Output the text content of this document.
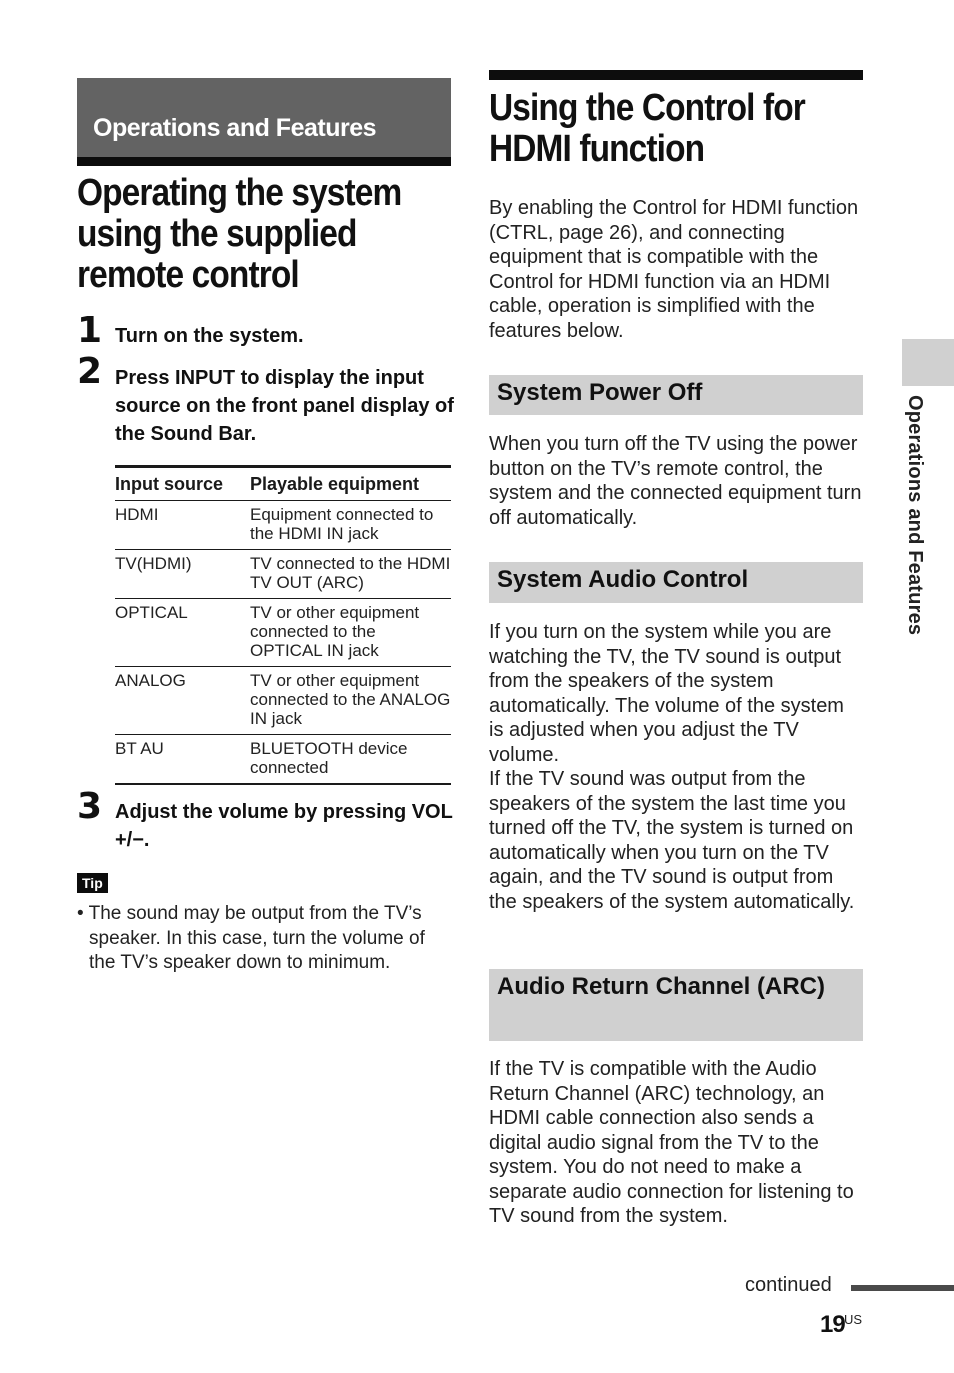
Operations and Features
Operating the system using the supplied remote control
1 Turn on the system.
2 Press INPUT to display the input source on the front panel display of the Sound Bar.
Input source	Playable equipment
HDMI	Equipment connected to the HDMI IN jack
TV(HDMI)	TV connected to the HDMI TV OUT (ARC)
OPTICAL	TV or other equipment connected to the OPTICAL IN jack
ANALOG	TV or other equipment connected to the ANALOG IN jack
BT AU	BLUETOOTH device connected
3 Adjust the volume by pressing VOL +/−.
Tip
• The sound may be output from the TV’s speaker. In this case, turn the volume of the TV’s speaker down to minimum.
Using the Control for HDMI function
By enabling the Control for HDMI function (CTRL, page 26), and connecting equipment that is compatible with the Control for HDMI function via an HDMI cable, operation is simplified with the features below.
System Power Off
When you turn off the TV using the power button on the TV’s remote control, the system and the connected equipment turn off automatically.
System Audio Control
If you turn on the system while you are watching the TV, the TV sound is output from the speakers of the system automatically. The volume of the system is adjusted when you adjust the TV volume.
If the TV sound was output from the speakers of the system the last time you turned off the TV, the system is turned on automatically when you turn on the TV again, and the TV sound is output from the speakers of the system automatically.
Audio Return Channel (ARC)
If the TV is compatible with the Audio Return Channel (ARC) technology, an HDMI cable connection also sends a digital audio signal from the TV to the system. You do not need to make a separate audio connection for listening to TV sound from the system.
Operations and Features
continued
19 US
